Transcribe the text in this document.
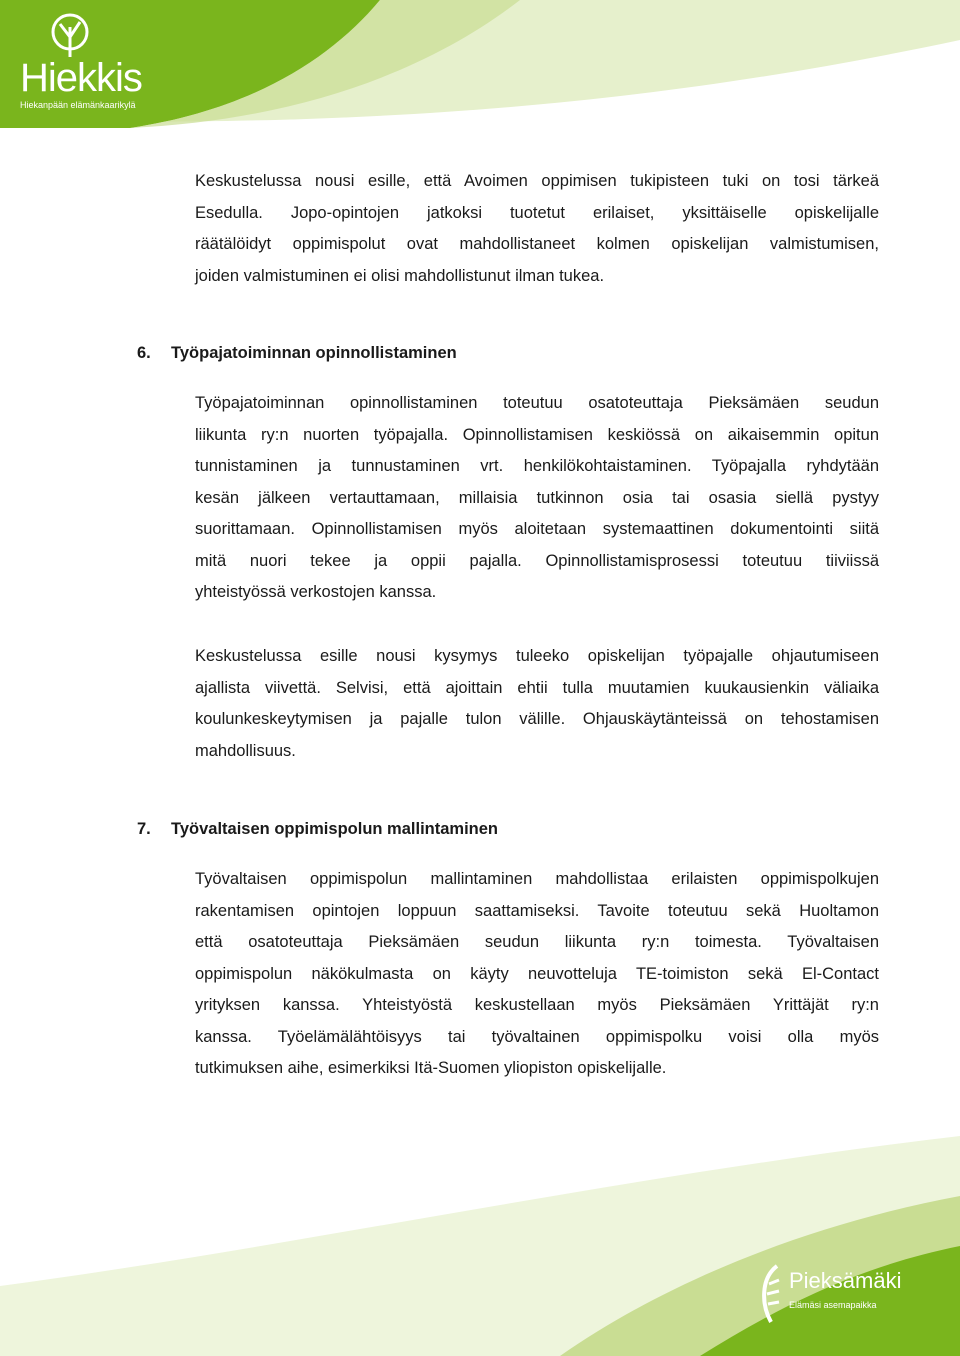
Hiekkis
Hiekanpään elämänkaarikylä
Keskustelussa nousi esille, että Avoimen oppimisen tukipisteen tuki on tosi tärkeä
Esedulla. Jopo-opintojen jatkoksi tuotetut erilaiset, yksittäiselle opiskelijalle
räätälöidyt oppimispolut ovat mahdollistaneet kolmen opiskelijan valmistumisen,
joiden valmistuminen ei olisi mahdollistunut ilman tukea.
6. Työpajatoiminnan opinnollistaminen
Työpajatoiminnan opinnollistaminen toteutuu osatoteuttaja Pieksämäen seudun
liikunta ry:n nuorten työpajalla. Opinnollistamisen keskiössä on aikaisemmin opitun
tunnistaminen ja tunnustaminen vrt. henkilökohtaistaminen. Työpajalla ryhdytään
kesän jälkeen vertauttamaan, millaisia tutkinnon osia tai osasia siellä pystyy
suorittamaan. Opinnollistamisen myös aloitetaan systemaattinen dokumentointi siitä
mitä nuori tekee ja oppii pajalla. Opinnollistamisprosessi toteutuu tiiviissä
yhteistyössä verkostojen kanssa.
Keskustelussa esille nousi kysymys tuleeko opiskelijan työpajalle ohjautumiseen
ajallista viivettä. Selvisi, että ajoittain ehtii tulla muutamien kuukausienkin väliaika
koulunkeskeytymisen ja pajalle tulon välille. Ohjauskäytänteissä on tehostamisen
mahdollisuus.
7. Työvaltaisen oppimispolun mallintaminen
Työvaltaisen oppimispolun mallintaminen mahdollistaa erilaisten oppimispolkujen
rakentamisen opintojen loppuun saattamiseksi. Tavoite toteutuu sekä Huoltamon
että osatoteuttaja Pieksämäen seudun liikunta ry:n toimesta. Työvaltaisen
oppimispolun näkökulmasta on käyty neuvotteluja TE-toimiston sekä El-Contact
yrityksen kanssa. Yhteistyöstä keskustellaan myös Pieksämäen Yrittäjät ry:n
kanssa. Työelämälähtöisyys tai työvaltainen oppimispolku voisi olla myös
tutkimuksen aihe, esimerkiksi Itä-Suomen yliopiston opiskelijalle.
Pieksämäki
Elämäsi asemapaikka
